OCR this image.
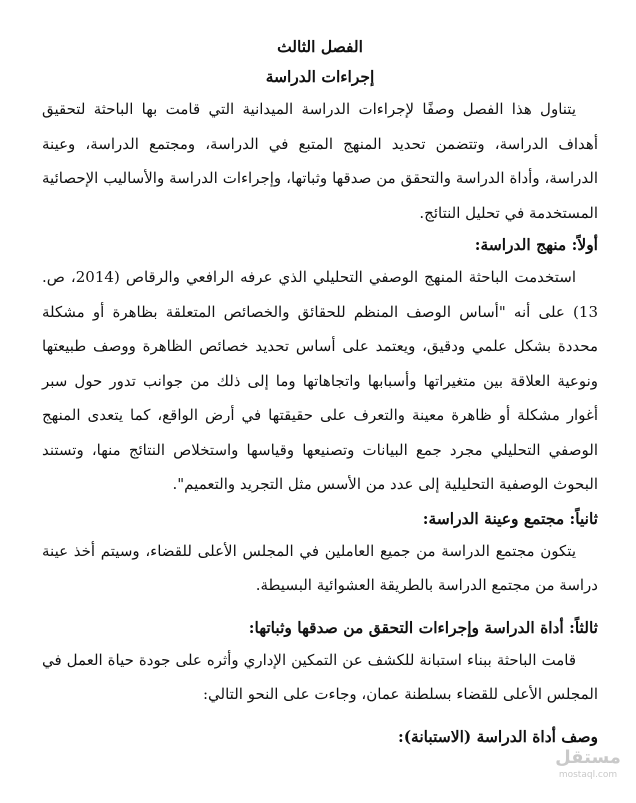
الفصل الثالث

إجراءات الدراسة

يتناول هذا الفصل وصفًا لإجراءات الدراسة الميدانية التي قامت بها الباحثة لتحقيق أهداف الدراسة، وتتضمن تحديد المنهج المتبع في الدراسة، ومجتمع الدراسة، وعينة الدراسة، وأداة الدراسة والتحقق من صدقها وثباتها، وإجراءات الدراسة والأساليب الإحصائية المستخدمة في تحليل النتائج.

أولاً: منهج الدراسة:

استخدمت الباحثة المنهج الوصفي التحليلي الذي عرفه الرافعي والرقاص (2014، ص. 13) على أنه "أساس الوصف المنظم للحقائق والخصائص المتعلقة بظاهرة أو مشكلة محددة بشكل علمي ودقيق، ويعتمد على أساس تحديد خصائص الظاهرة ووصف طبيعتها ونوعية العلاقة بين متغيراتها وأسبابها واتجاهاتها وما إلى ذلك من جوانب تدور حول سبر أغوار مشكلة أو ظاهرة معينة والتعرف على حقيقتها في أرض الواقع، كما يتعدى المنهج الوصفي التحليلي مجرد جمع البيانات وتصنيعها وقياسها واستخلاص النتائج منها، وتستند البحوث الوصفية التحليلية إلى عدد من الأسس مثل التجريد والتعميم".

ثانياً: مجتمع وعينة الدراسة:

يتكون مجتمع الدراسة من جميع العاملين في المجلس الأعلى للقضاء، وسيتم أخذ عينة دراسة من مجتمع الدراسة بالطريقة العشوائية البسيطة.

ثالثاً: أداة الدراسة وإجراءات التحقق من صدقها وثباتها:

قامت الباحثة ببناء استبانة للكشف عن التمكين الإداري وأثره على جودة حياة العمل في المجلس الأعلى للقضاء بسلطنة عمان، وجاءت على النحو التالي:

وصف أداة الدراسة (الاستبانة):

مستقل
mostaql.com
